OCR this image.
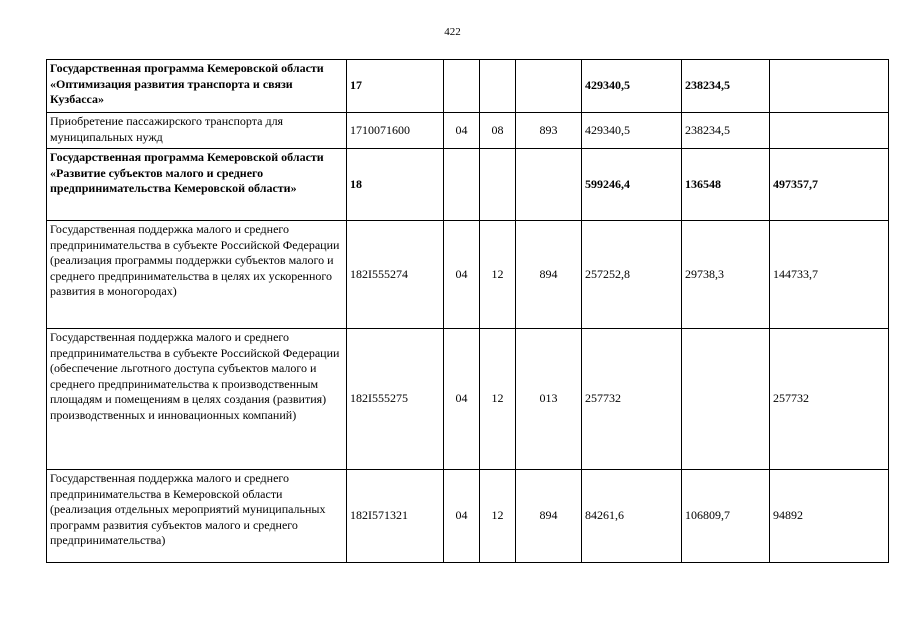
422
Государственная программа Кемеровской области «Оптимизация развития транспорта и связи Кузбасса»	17				429340,5	238234,5	
Приобретение пассажирского транспорта для муниципальных нужд	1710071600	04	08	893	429340,5	238234,5	
Государственная программа Кемеровской области «Развитие субъектов малого и среднего предпринимательства Кемеровской области»	18				599246,4	136548	497357,7
Государственная поддержка малого и среднего предпринимательства в субъекте Российской Федерации (реализация программы поддержки субъектов малого и среднего предпринимательства в целях их ускоренного развития в моногородах)	182I555274	04	12	894	257252,8	29738,3	144733,7
Государственная поддержка малого и среднего предпринимательства в субъекте Российской Федерации (обеспечение льготного доступа субъектов малого и среднего предпринимательства к производственным площадям и помещениям в целях создания (развития) производственных и инновационных компаний)	182I555275	04	12	013	257732		257732
Государственная поддержка малого и среднего предпринимательства в Кемеровской области (реализация отдельных мероприятий муниципальных программ развития субъектов малого и среднего предпринимательства)	182I571321	04	12	894	84261,6	106809,7	94892
